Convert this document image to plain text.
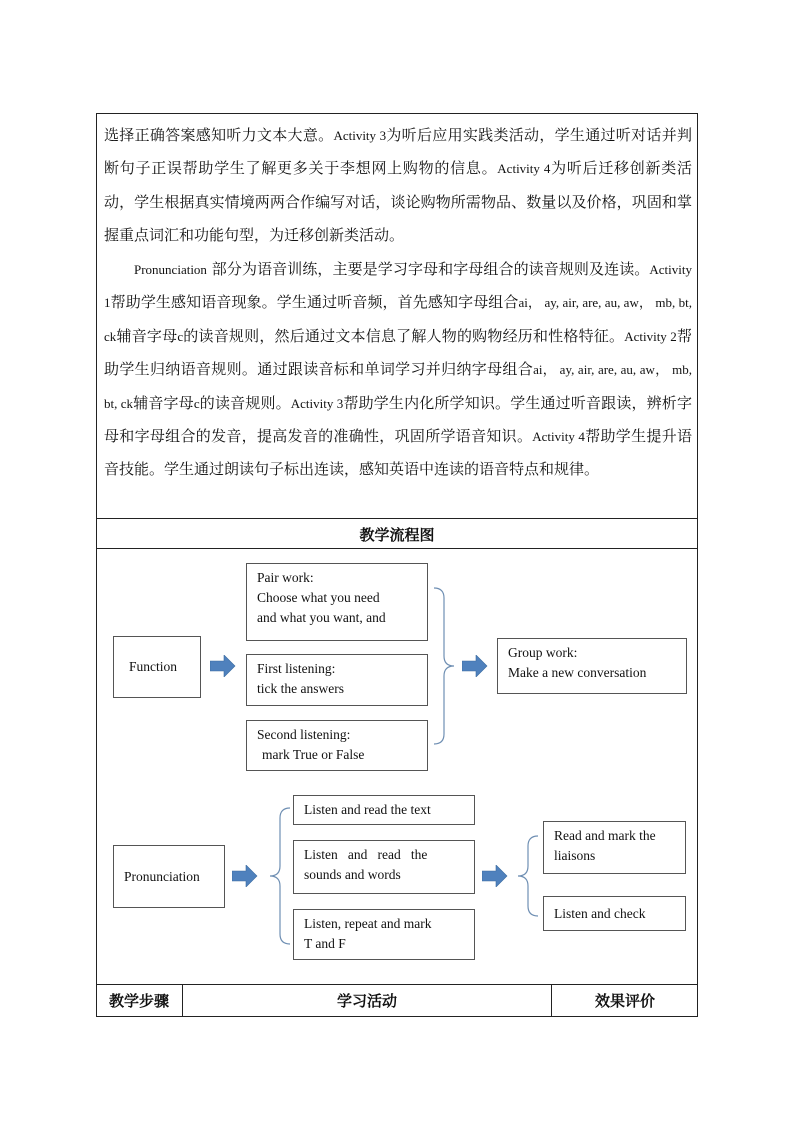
选择正确答案感知听力文本大意。Activity 3为听后应用实践类活动，学生通过听对话并判断句子正误帮助学生了解更多关于李想网上购物的信息。Activity 4为听后迁移创新类活动，学生根据真实情境两两合作编写对话，谈论购物所需物品、数量以及价格，巩固和掌握重点词汇和功能句型，为迁移创新类活动。

Pronunciation 部分为语音训练，主要是学习字母和字母组合的读音规则及连读。Activity 1帮助学生感知语音现象。学生通过听音频，首先感知字母组合ai， ay, air, are, au, aw， mb, bt, ck辅音字母c的读音规则，然后通过文本信息了解人物的购物经历和性格特征。Activity 2帮助学生归纳语音规则。通过跟读音标和单词学习并归纳字母组合ai， ay, air, are, au, aw， mb, bt, ck辅音字母c的读音规则。Activity 3帮助学生内化所学知识。学生通过听音跟读，辨析字母和字母组合的发音，提高发音的准确性，巩固所学语音知识。Activity 4帮助学生提升语音技能。学生通过朗读句子标出连读，感知英语中连读的语音特点和规律。

教学流程图
Function
Pair work:
Choose what you need
and what you want, and
First listening:
tick the answers
Second listening:
mark True or False
Group work:
Make a new conversation
Pronunciation
Listen and read the text
Listen   and   read   the
sounds and words
Listen, repeat and mark
T and F
Read and mark the
liaisons
Listen and check
教学步骤	学习活动	效果评价
